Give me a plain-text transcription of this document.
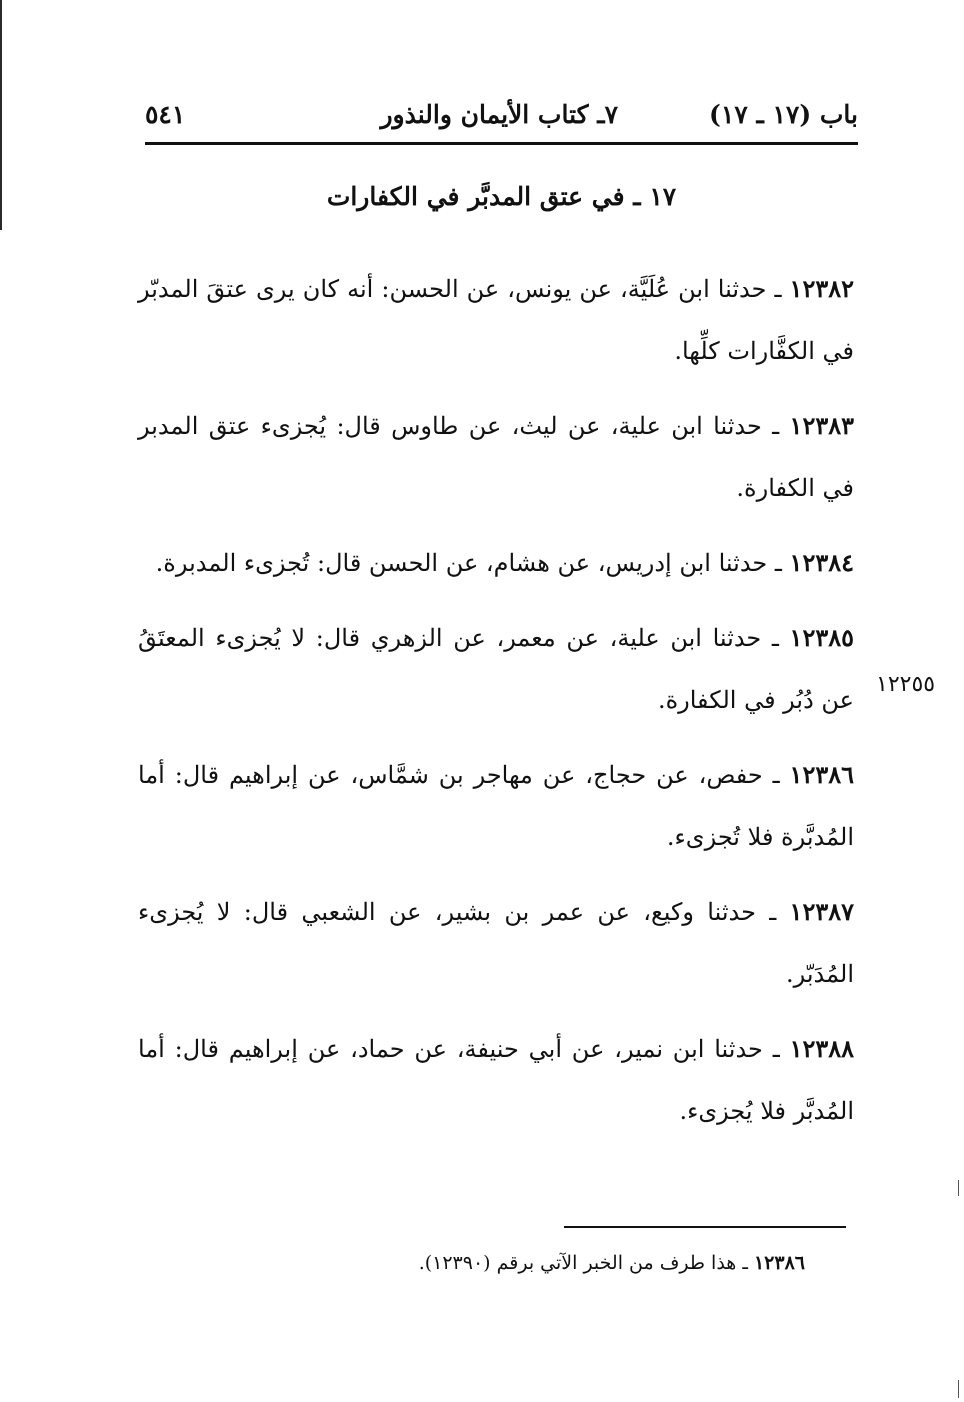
باب (١٧ ـ ١٧)
٧ـ كتاب الأيمان والنذور
٥٤١
١٧ ـ في عتق المدبَّر في الكفارات

١٢٣٨٢ ـ حدثنا ابن عُلَيَّة، عن يونس، عن الحسن: أنه كان يرى عتقَ المدبّر في الكفَّارات كلِّها.

١٢٣٨٣ ـ حدثنا ابن علية، عن ليث، عن طاوس قال: يُجزىء عتق المدبر في الكفارة.

١٢٣٨٤ ـ حدثنا ابن إدريس، عن هشام، عن الحسن قال: تُجزىء المدبرة.

١٢٣٨٥ ـ حدثنا ابن علية، عن معمر، عن الزهري قال: لا يُجزىء المعتَقُ عن دُبُر في الكفارة.

١٢٣٨٦ ـ حفص، عن حجاج، عن مهاجر بن شمَّاس، عن إبراهيم قال: أما المُدبَّرة فلا تُجزىء.

١٢٣٨٧ ـ حدثنا وكيع، عن عمر بن بشير، عن الشعبي قال: لا يُجزىء المُدَبّر.

١٢٣٨٨ ـ حدثنا ابن نمير، عن أبي حنيفة، عن حماد، عن إبراهيم قال: أما المُدبَّر فلا يُجزىء.

١٢٢٥٥
١٢٣٨٦ ـ هذا طرف من الخبر الآتي برقم (١٢٣٩٠).
